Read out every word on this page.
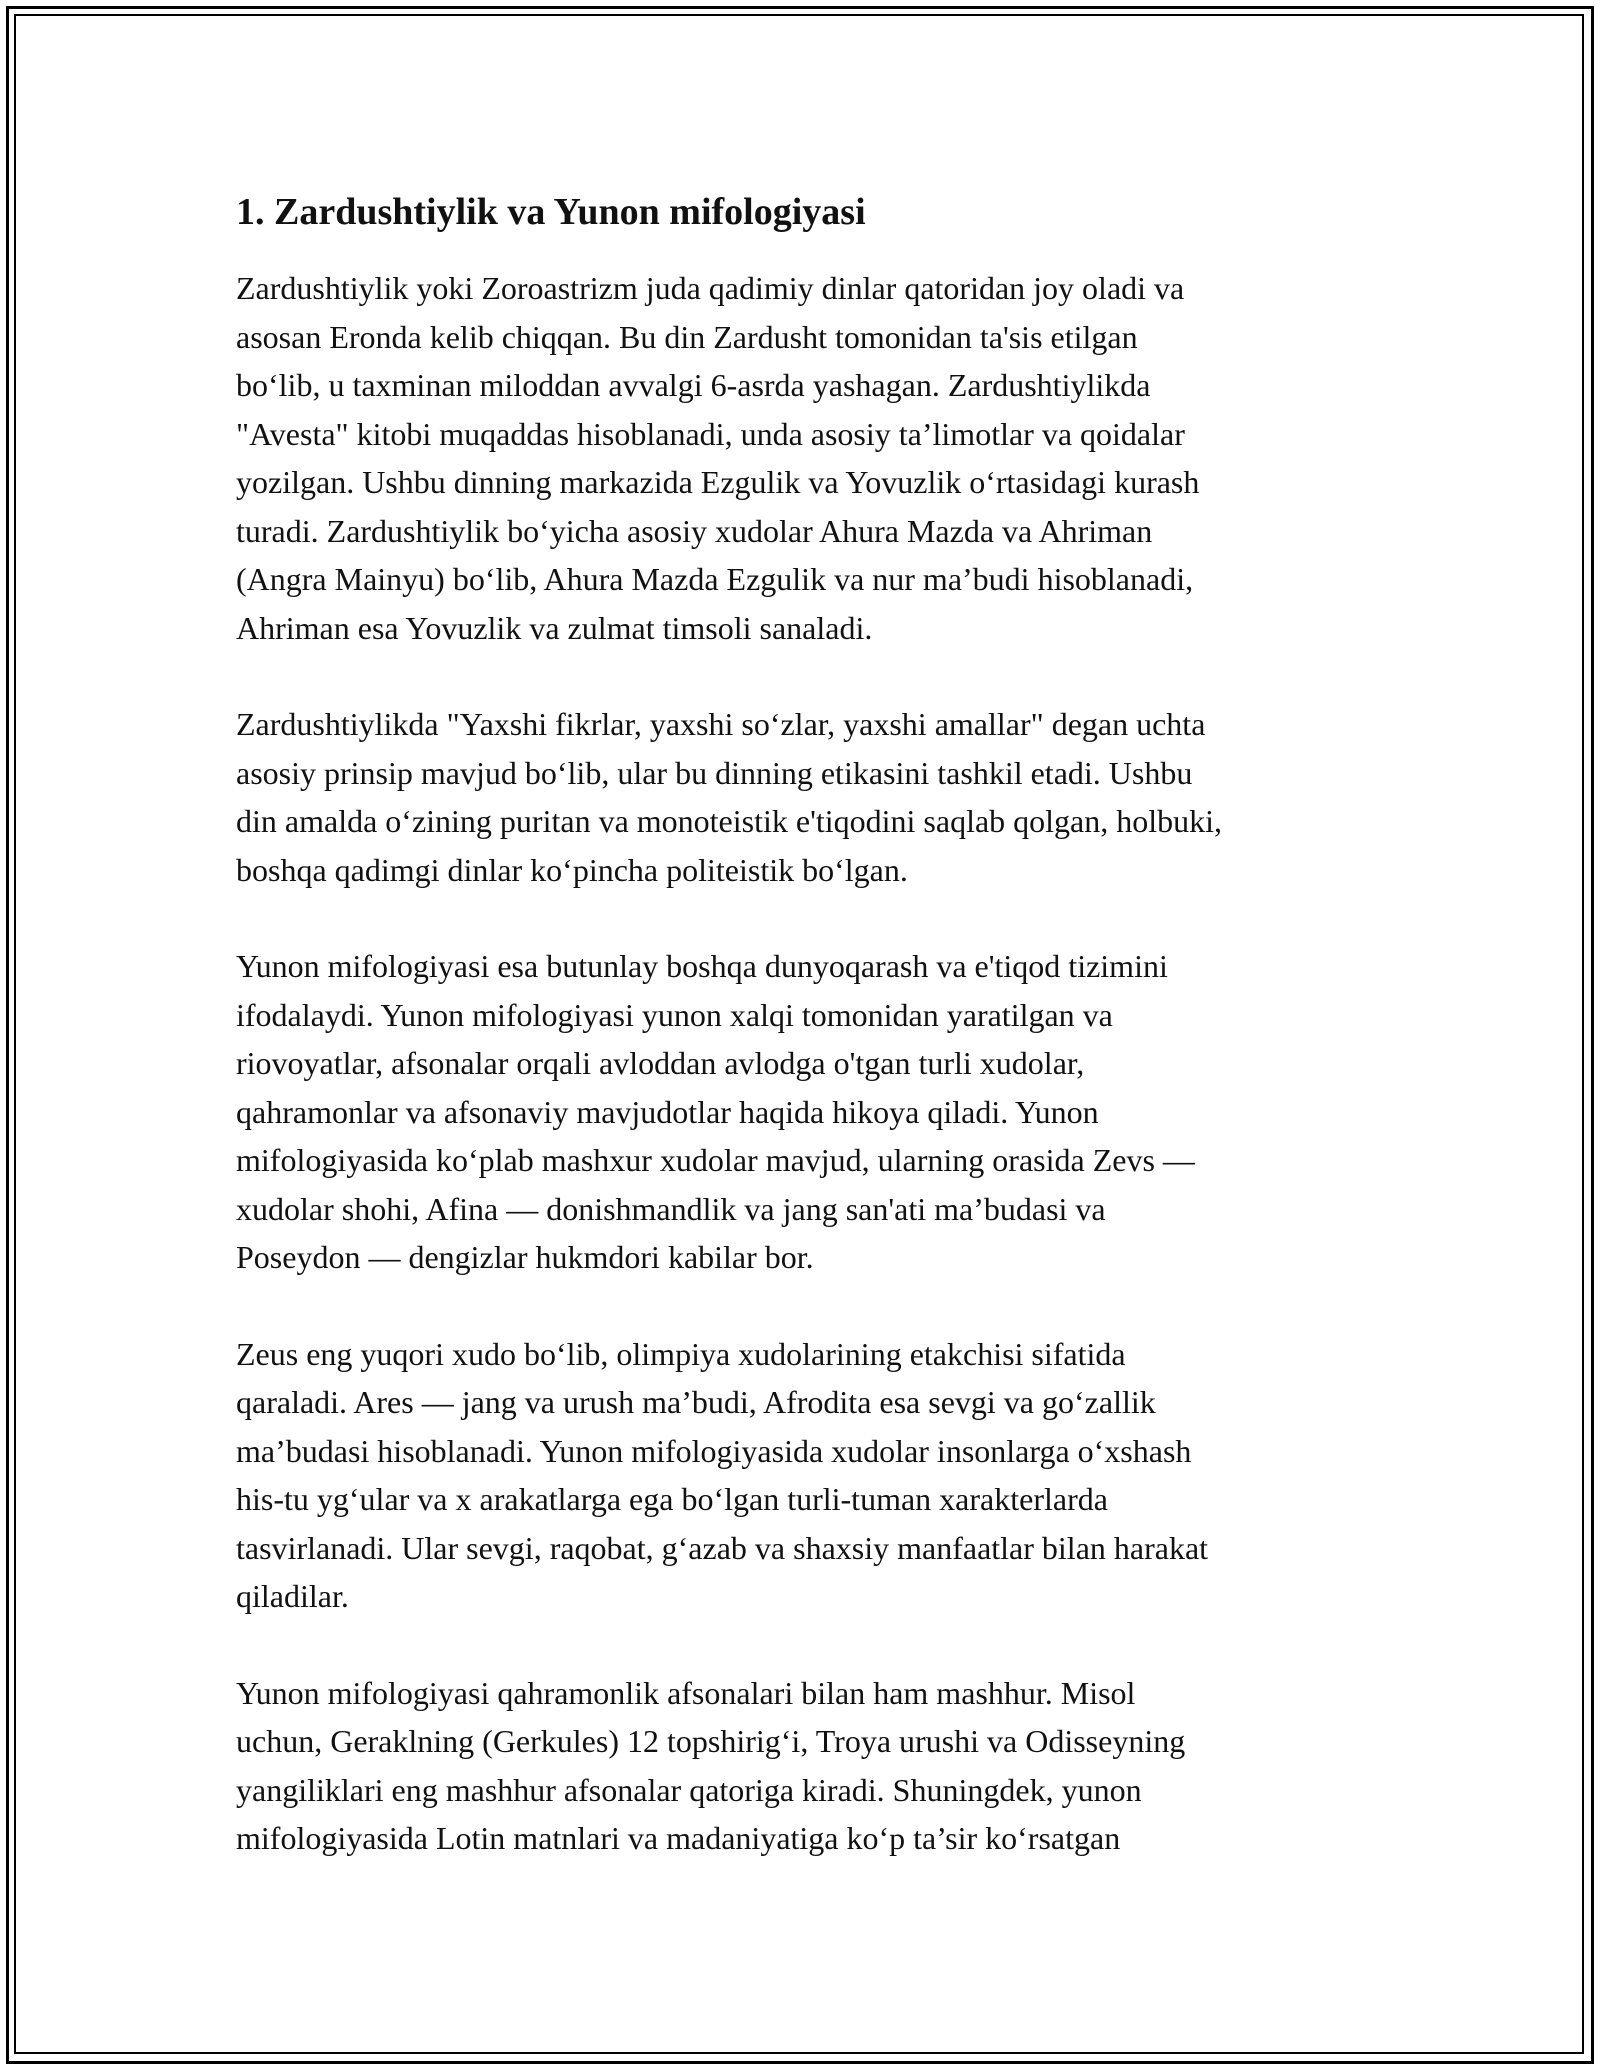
1. Zardushtiylik va Yunon mifologiyasi
Zardushtiylik yoki Zoroastrizm juda qadimiy dinlar qatoridan joy oladi va
asosan Eronda kelib chiqqan. Bu din Zardusht tomonidan ta'sis etilgan
bo‘lib, u taxminan miloddan avvalgi 6-asrda yashagan. Zardushtiylikda
"Avesta" kitobi muqaddas hisoblanadi, unda asosiy ta’limotlar va qoidalar
yozilgan. Ushbu dinning markazida Ezgulik va Yovuzlik o‘rtasidagi kurash
turadi. Zardushtiylik bo‘yicha asosiy xudolar Ahura Mazda va Ahriman
(Angra Mainyu) bo‘lib, Ahura Mazda Ezgulik va nur ma’budi hisoblanadi,
Ahriman esa Yovuzlik va zulmat timsoli sanaladi.
Zardushtiylikda "Yaxshi fikrlar, yaxshi so‘zlar, yaxshi amallar" degan uchta
asosiy prinsip mavjud bo‘lib, ular bu dinning etikasini tashkil etadi. Ushbu
din amalda o‘zining puritan va monoteistik e'tiqodini saqlab qolgan, holbuki,
boshqa qadimgi dinlar ko‘pincha politeistik bo‘lgan.
Yunon mifologiyasi esa butunlay boshqa dunyoqarash va e'tiqod tizimini
ifodalaydi. Yunon mifologiyasi yunon xalqi tomonidan yaratilgan va
riovoyatlar, afsonalar orqali avloddan avlodga o'tgan turli xudolar,
qahramonlar va afsonaviy mavjudotlar haqida hikoya qiladi. Yunon
mifologiyasida ko‘plab mashxur xudolar mavjud, ularning orasida Zevs —
xudolar shohi, Afina — donishmandlik va jang san'ati ma’budasi va
Poseydon — dengizlar hukmdori kabilar bor.
Zeus eng yuqori xudo bo‘lib, olimpiya xudolarining etakchisi sifatida
qaraladi. Ares — jang va urush ma’budi, Afrodita esa sevgi va go‘zallik
ma’budasi hisoblanadi. Yunon mifologiyasida xudolar insonlarga o‘xshash
his-tu yg‘ular va x arakatlarga ega bo‘lgan turli-tuman xarakterlarda
tasvirlanadi. Ular sevgi, raqobat, g‘azab va shaxsiy manfaatlar bilan harakat
qiladilar.
Yunon mifologiyasi qahramonlik afsonalari bilan ham mashhur. Misol
uchun, Geraklning (Gerkules) 12 topshirig‘i, Troya urushi va Odisseyning
yangiliklari eng mashhur afsonalar qatoriga kiradi. Shuningdek, yunon
mifologiyasida Lotin matnlari va madaniyatiga ko‘p ta’sir ko‘rsatgan
